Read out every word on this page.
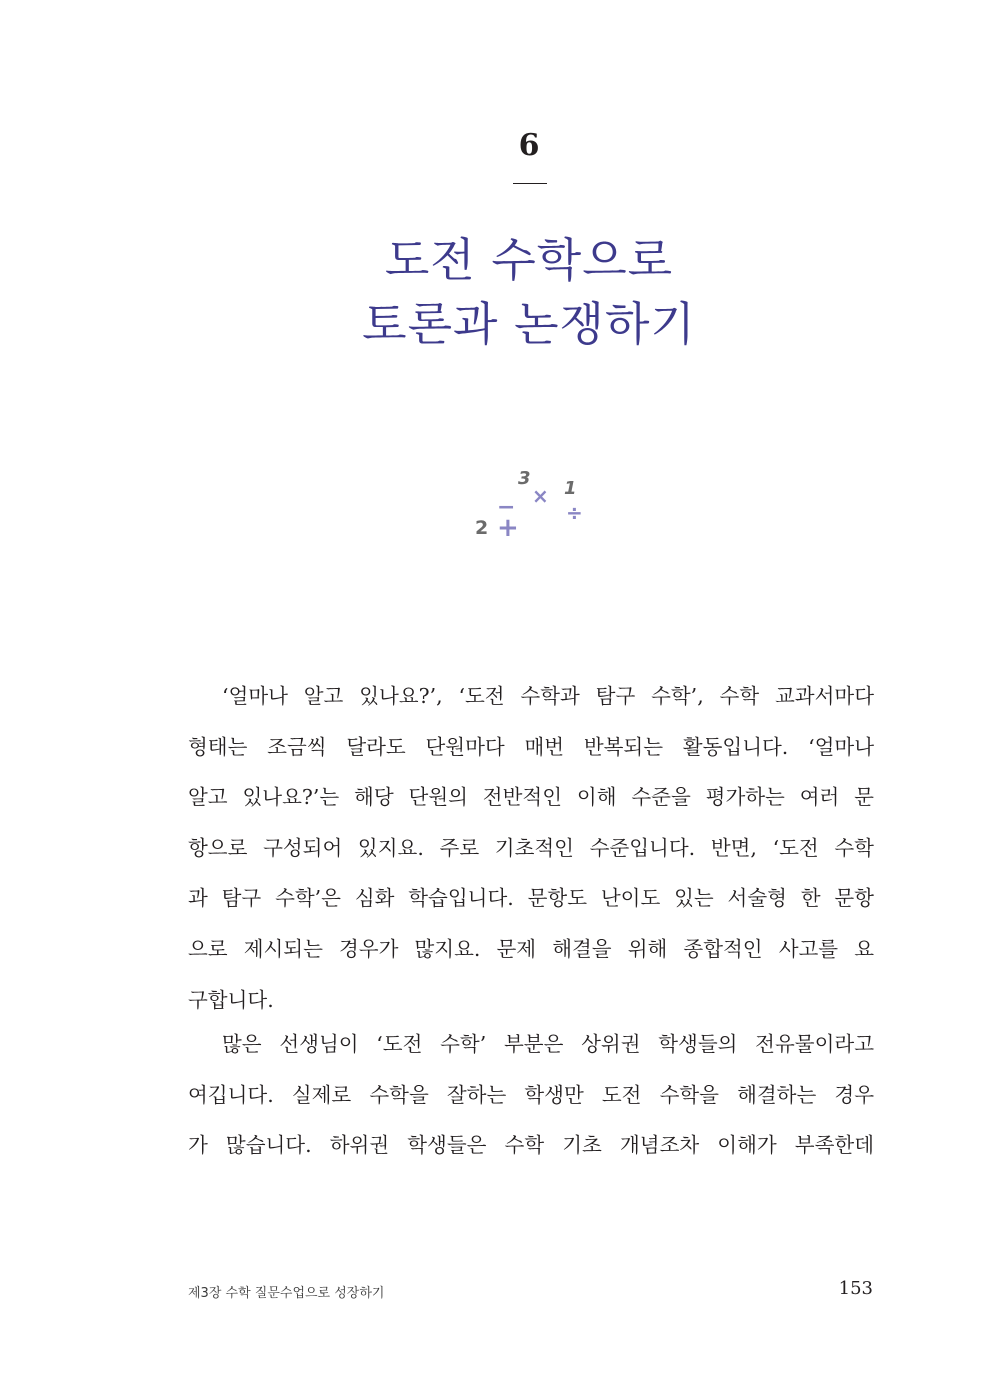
6
도전 수학으로
토론과 논쟁하기
3
× 1
÷
−
2 +
‘얼마나 알고 있나요?’, ‘도전 수학과 탐구 수학’, 수학 교과서마다
형태는 조금씩 달라도 단원마다 매번 반복되는 활동입니다. ‘얼마나
알고 있나요?’는 해당 단원의 전반적인 이해 수준을 평가하는 여러 문
항으로 구성되어 있지요. 주로 기초적인 수준입니다. 반면, ‘도전 수학
과 탐구 수학’은 심화 학습입니다. 문항도 난이도 있는 서술형 한 문항
으로 제시되는 경우가 많지요. 문제 해결을 위해 종합적인 사고를 요
구합니다.
많은 선생님이 ‘도전 수학’ 부분은 상위권 학생들의 전유물이라고
여깁니다. 실제로 수학을 잘하는 학생만 도전 수학을 해결하는 경우
가 많습니다. 하위권 학생들은 수학 기초 개념조차 이해가 부족한데
제3장 수학 질문수업으로 성장하기	153
